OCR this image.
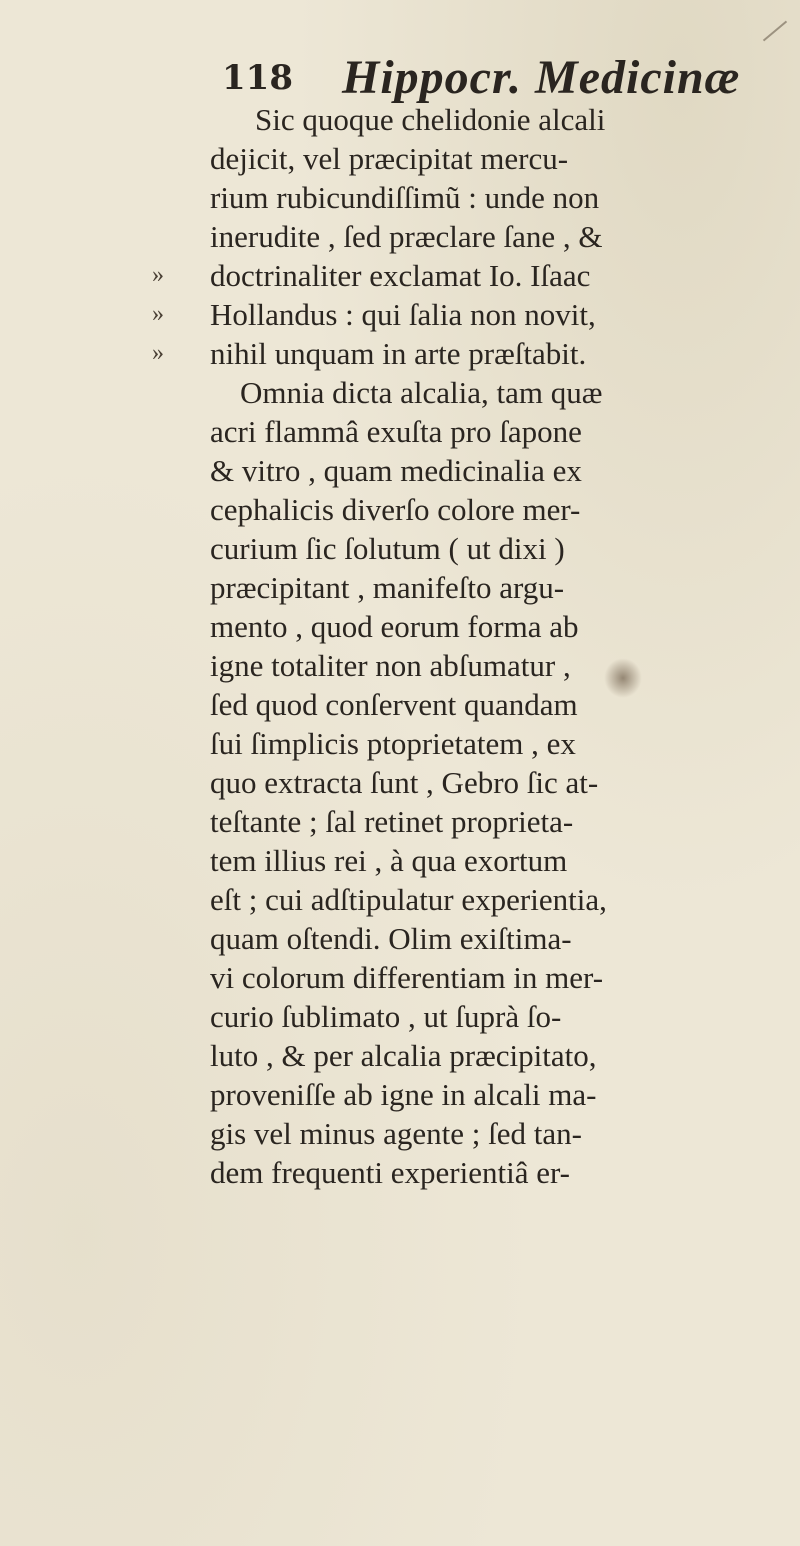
118 Hippocr. Medicinæ
Sic quoque chelidonie alcali
dejicit, vel præcipitat mercu-
rium rubicundiſſimũ : unde non
inerudite , ſed præclare ſane , &
» doctrinaliter exclamat Io. Iſaac
» Hollandus : qui ſalia non novit,
» nihil unquam in arte præſtabit.
Omnia dicta alcalia, tam quæ
acri flammâ exuſta pro ſapone
& vitro , quam medicinalia ex
cephalicis diverſo colore mer-
curium ſic ſolutum ( ut dixi )
præcipitant , manifeſto argu-
mento , quod eorum forma ab
igne totaliter non abſumatur ,
ſed quod conſervent quandam
ſui ſimplicis ptoprietatem , ex
quo extracta ſunt , Gebro ſic at-
teſtante ; ſal retinet proprieta-
tem illius rei , à qua exortum
eſt ; cui adſtipulatur experientia,
quam oſtendi. Olim exiſtima-
vi colorum differentiam in mer-
curio ſublimato , ut ſuprà ſo-
luto , & per alcalia præcipitato,
proveniſſe ab igne in alcali ma-
gis vel minus agente ; ſed tan-
dem frequenti experientiâ er-
